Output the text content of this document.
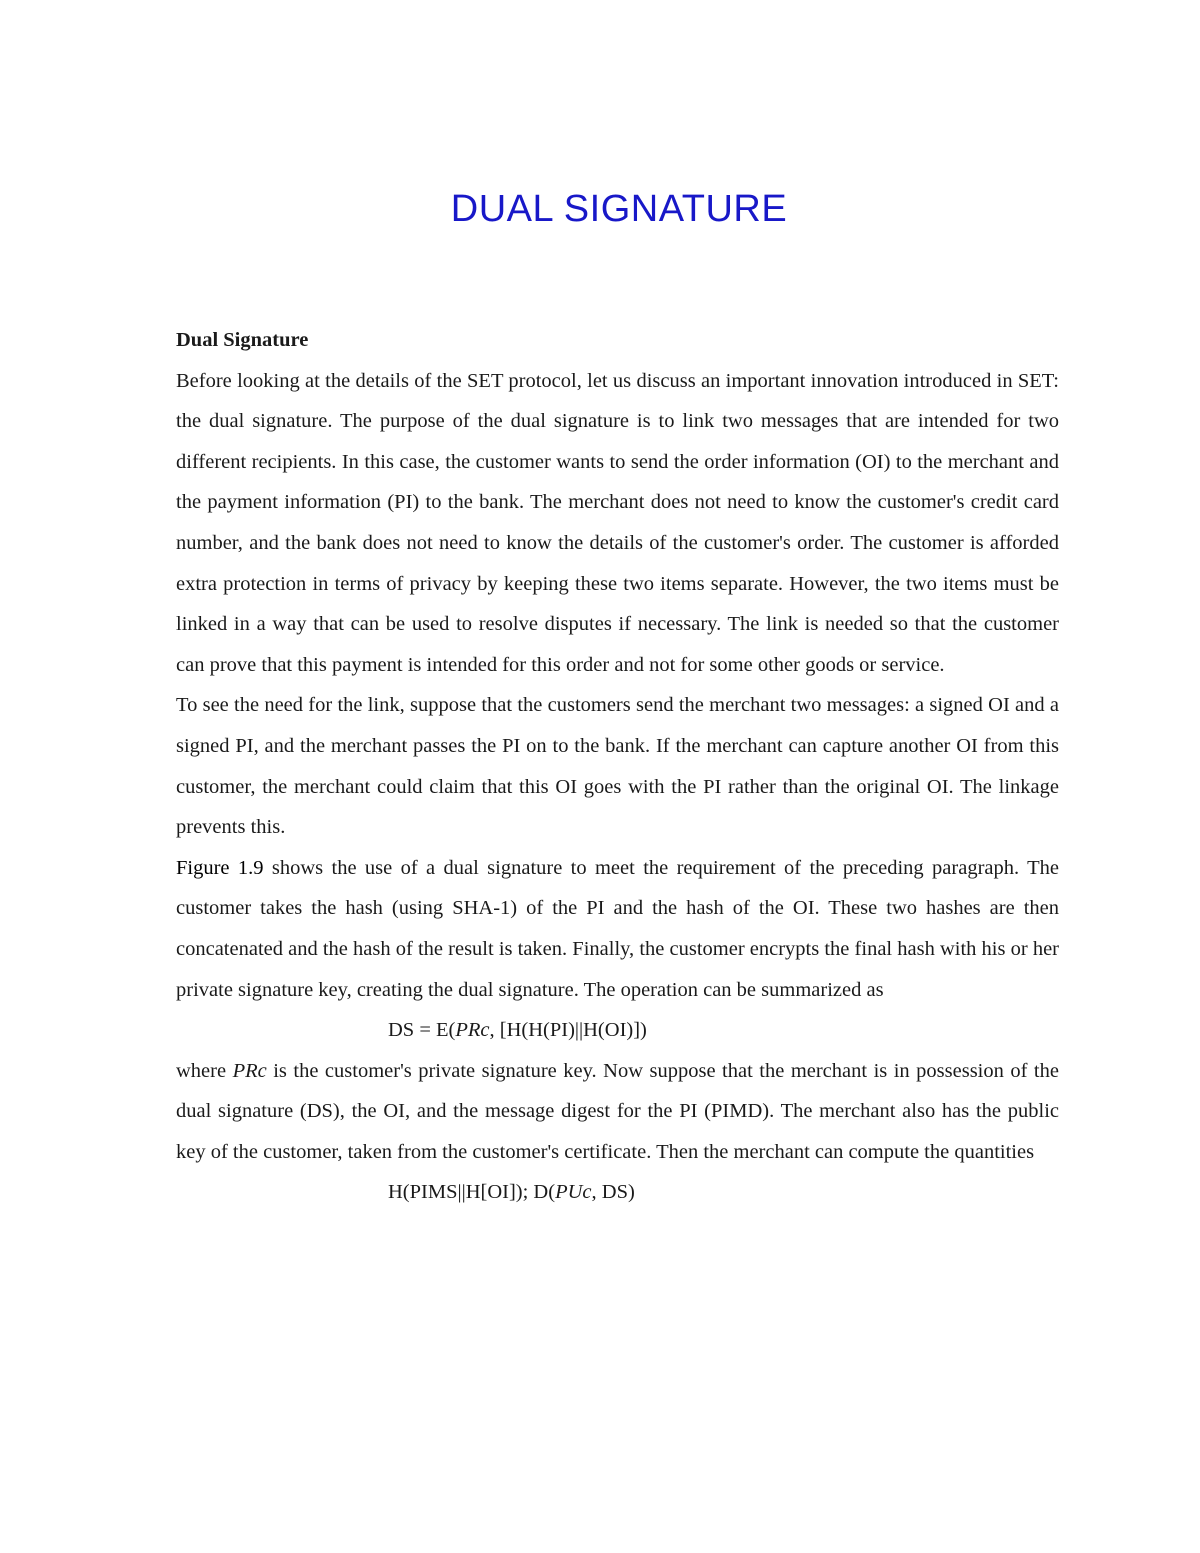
DUAL SIGNATURE

Dual Signature

Before looking at the details of the SET protocol, let us discuss an important innovation introduced in SET: the dual signature. The purpose of the dual signature is to link two messages that are intended for two different recipients. In this case, the customer wants to send the order information (OI) to the merchant and the payment information (PI) to the bank. The merchant does not need to know the customer's credit card number, and the bank does not need to know the details of the customer's order. The customer is afforded extra protection in terms of privacy by keeping these two items separate. However, the two items must be linked in a way that can be used to resolve disputes if necessary. The link is needed so that the customer can prove that this payment is intended for this order and not for some other goods or service.

To see the need for the link, suppose that the customers send the merchant two messages: a signed OI and a signed PI, and the merchant passes the PI on to the bank. If the merchant can capture another OI from this customer, the merchant could claim that this OI goes with the PI rather than the original OI. The linkage prevents this.

Figure 1.9 shows the use of a dual signature to meet the requirement of the preceding paragraph. The customer takes the hash (using SHA-1) of the PI and the hash of the OI. These two hashes are then concatenated and the hash of the result is taken. Finally, the customer encrypts the final hash with his or her private signature key, creating the dual signature. The operation can be summarized as

DS = E(PRc, [H(H(PI)||H(OI)])

where PRc is the customer's private signature key. Now suppose that the merchant is in possession of the dual signature (DS), the OI, and the message digest for the PI (PIMD). The merchant also has the public key of the customer, taken from the customer's certificate. Then the merchant can compute the quantities

H(PIMS||H[OI]); D(PUc, DS)
